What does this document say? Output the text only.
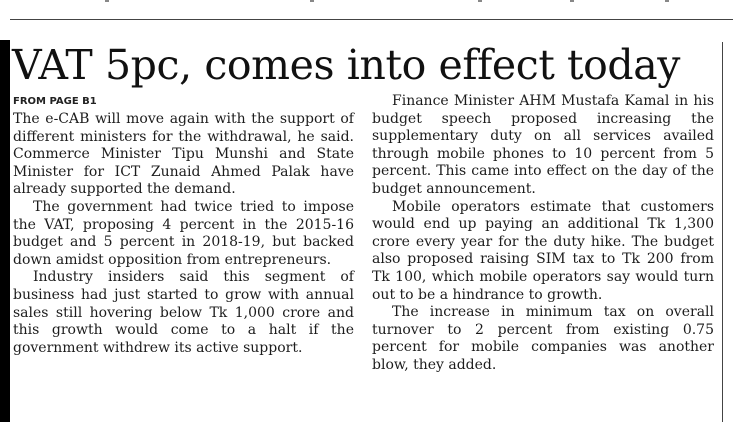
VAT 5pc, comes into effect today
FROM PAGE B1

The e-CAB will move again with the support of different ministers for the withdrawal, he said. Commerce Minister Tipu Munshi and State Minister for ICT Zunaid Ahmed Palak have already supported the demand.

The government had twice tried to impose the VAT, proposing 4 percent in the 2015-16 budget and 5 percent in 2018-19, but backed down amidst opposition from entrepreneurs.

Industry insiders said this segment of business had just started to grow with annual sales still hovering below Tk 1,000 crore and this growth would come to a halt if the government withdrew its active support.

Finance Minister AHM Mustafa Kamal in his budget speech proposed increasing the supplementary duty on all services availed through mobile phones to 10 percent from 5 percent. This came into effect on the day of the budget announcement.

Mobile operators estimate that customers would end up paying an additional Tk 1,300 crore every year for the duty hike. The budget also proposed raising SIM tax to Tk 200 from Tk 100, which mobile operators say would turn out to be a hindrance to growth.

The increase in minimum tax on overall turnover to 2 percent from existing 0.75 percent for mobile companies was another blow, they added.
